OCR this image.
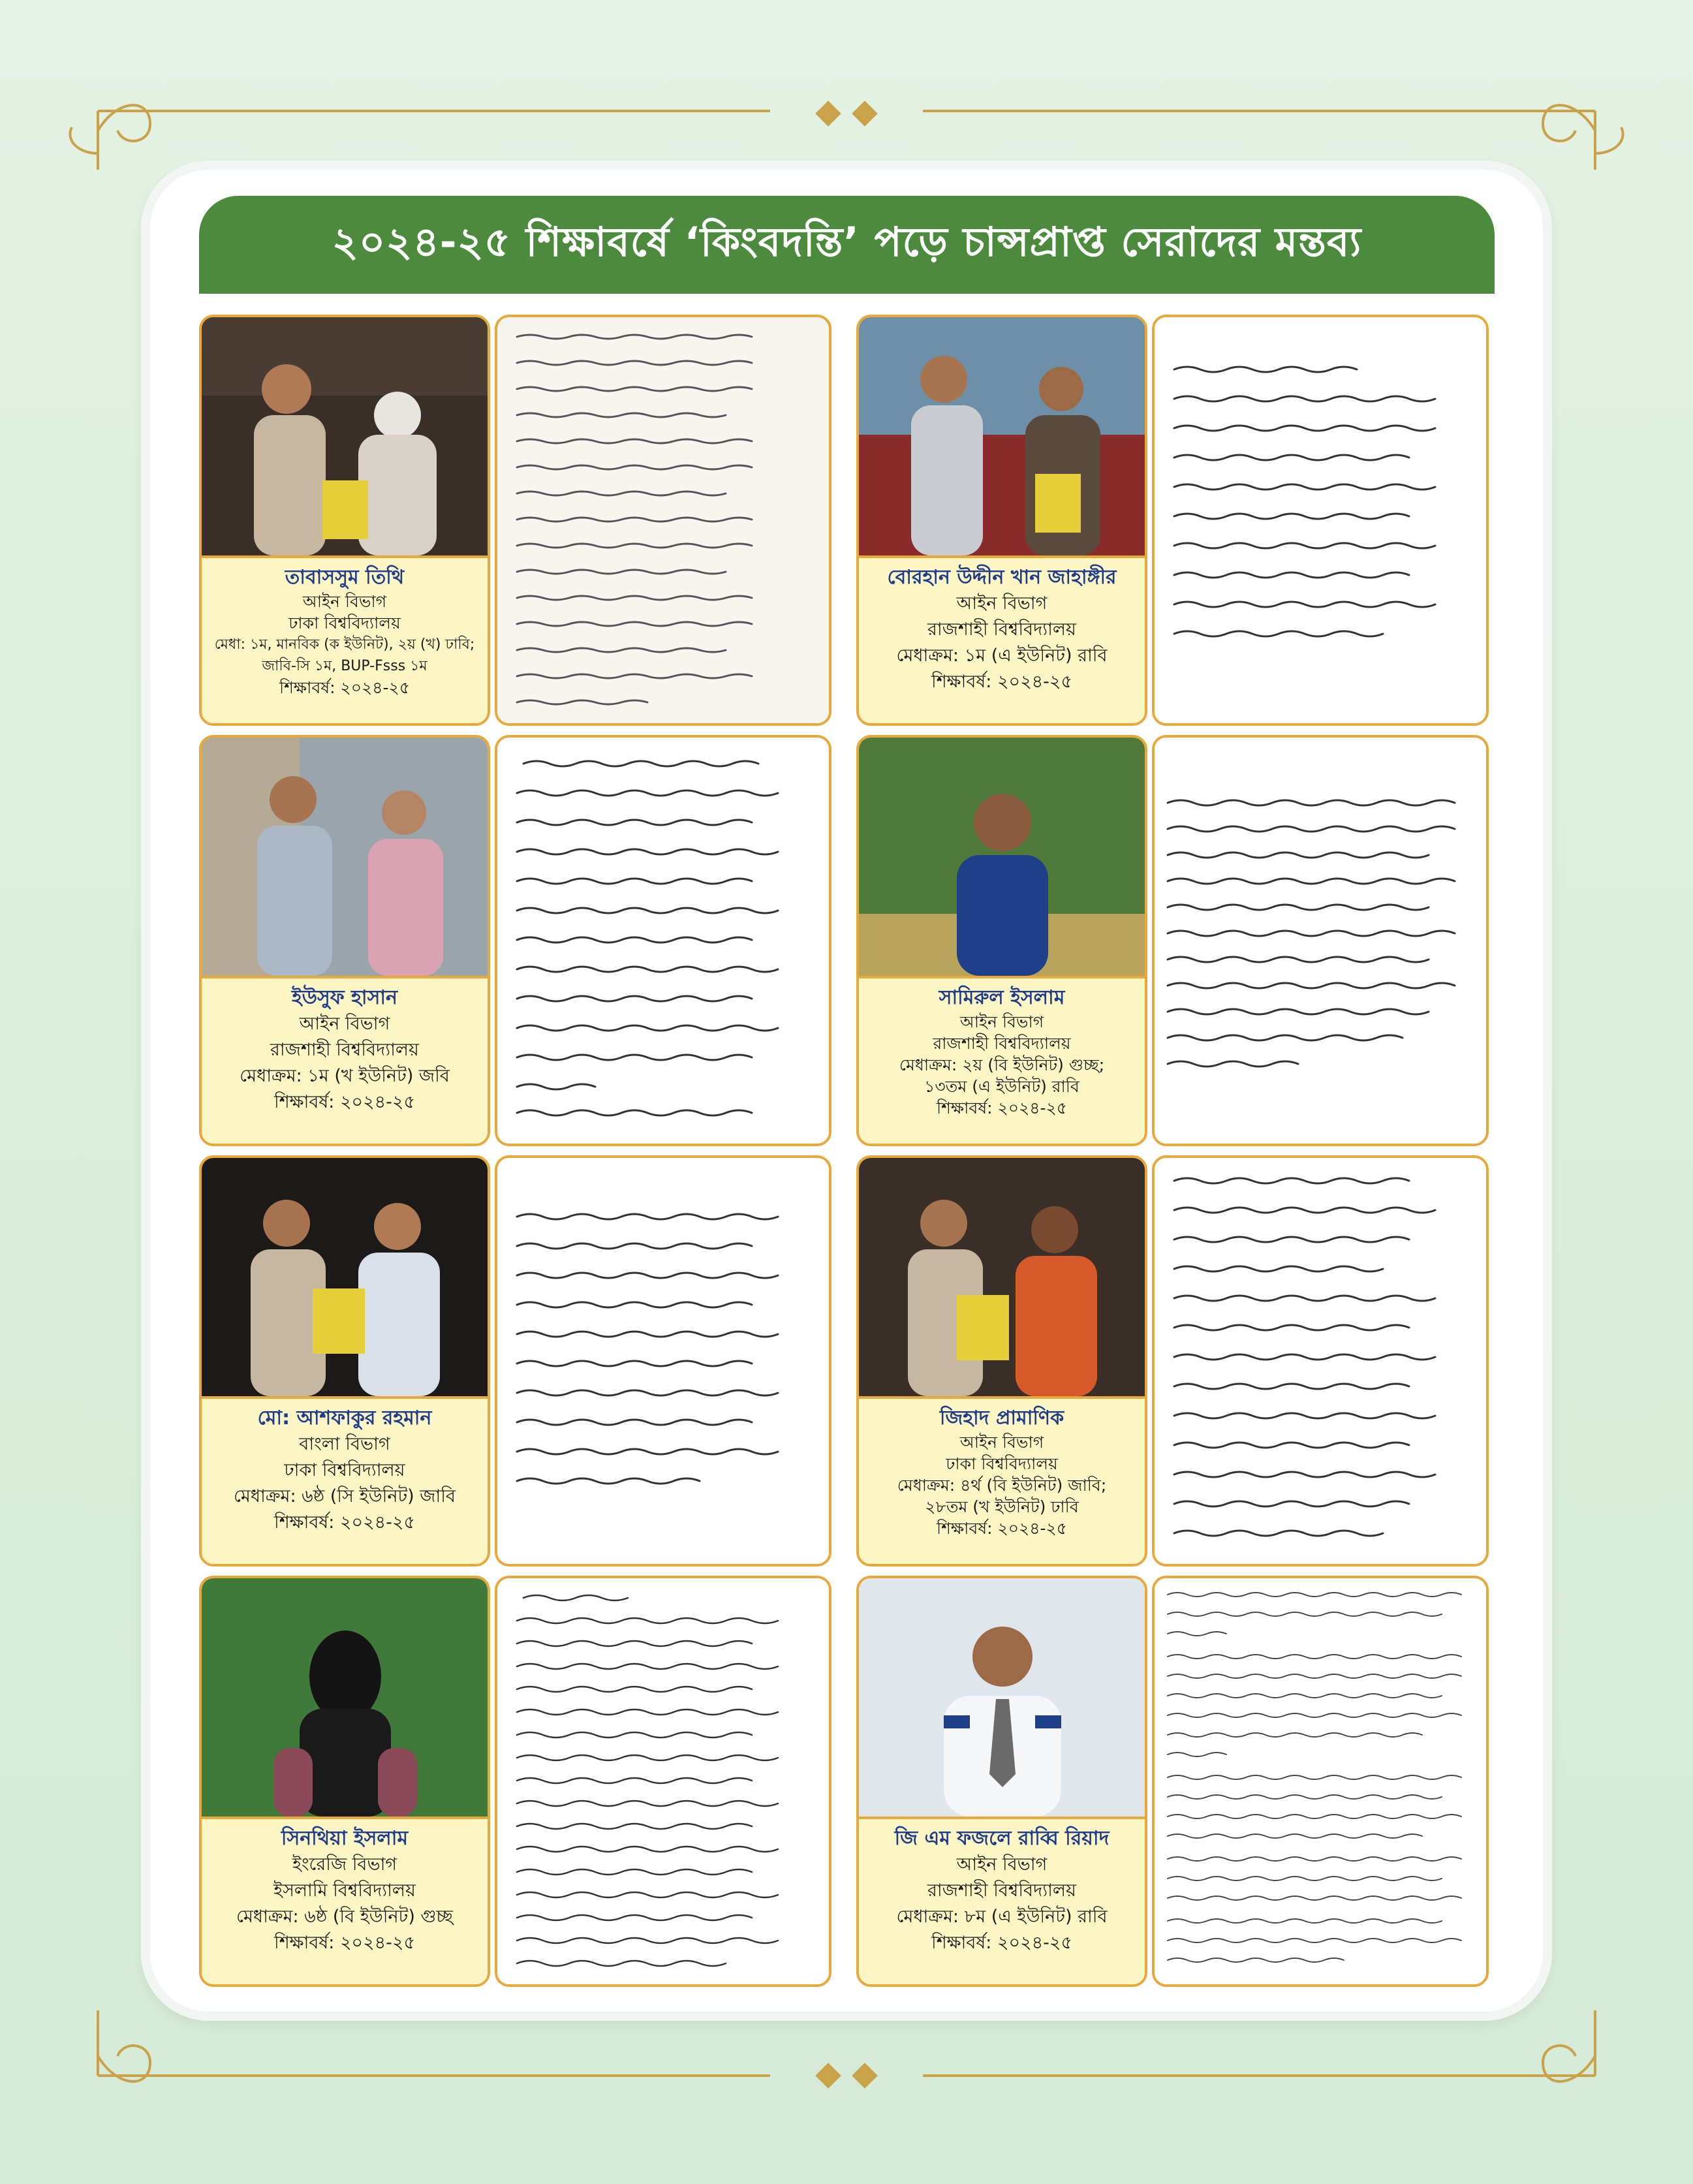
২০২৪-২৫ শিক্ষাবর্ষে ‘কিংবদন্তি’ পড়ে চান্সপ্রাপ্ত সেরাদের মন্তব্য
তাবাসসুম তিথি
আইন বিভাগ
ঢাকা বিশ্ববিদ্যালয়
মেধা: ১ম, মানবিক (ক ইউনিট), ২য় (খ) ঢাবি;
জাবি-সি ১ম, BUP-Fsss ১ম
শিক্ষাবর্ষ: ২০২৪-২৫
বোরহান উদ্দীন খান জাহাঙ্গীর
আইন বিভাগ
রাজশাহী বিশ্ববিদ্যালয়
মেধাক্রম: ১ম (এ ইউনিট) রাবি
শিক্ষাবর্ষ: ২০২৪-২৫
ইউসুফ হাসান
আইন বিভাগ
রাজশাহী বিশ্ববিদ্যালয়
মেধাক্রম: ১ম (খ ইউনিট) জবি
শিক্ষাবর্ষ: ২০২৪-২৫
সামিরুল ইসলাম
আইন বিভাগ
রাজশাহী বিশ্ববিদ্যালয়
মেধাক্রম: ২য় (বি ইউনিট) গুচ্ছ;
১৩তম (এ ইউনিট) রাবি
শিক্ষাবর্ষ: ২০২৪-২৫
মো: আশফাকুর রহমান
বাংলা বিভাগ
ঢাকা বিশ্ববিদ্যালয়
মেধাক্রম: ৬ষ্ঠ (সি ইউনিট) জাবি
শিক্ষাবর্ষ: ২০২৪-২৫
জিহাদ প্রামাণিক
আইন বিভাগ
ঢাকা বিশ্ববিদ্যালয়
মেধাক্রম: ৪র্থ (বি ইউনিট) জাবি;
২৮তম (খ ইউনিট) ঢাবি
শিক্ষাবর্ষ: ২০২৪-২৫
সিনথিয়া ইসলাম
ইংরেজি বিভাগ
ইসলামি বিশ্ববিদ্যালয়
মেধাক্রম: ৬ষ্ঠ (বি ইউনিট) গুচ্ছ
শিক্ষাবর্ষ: ২০২৪-২৫
জি এম ফজলে রাব্বি রিয়াদ
আইন বিভাগ
রাজশাহী বিশ্ববিদ্যালয়
মেধাক্রম: ৮ম (এ ইউনিট) রাবি
শিক্ষাবর্ষ: ২০২৪-২৫
